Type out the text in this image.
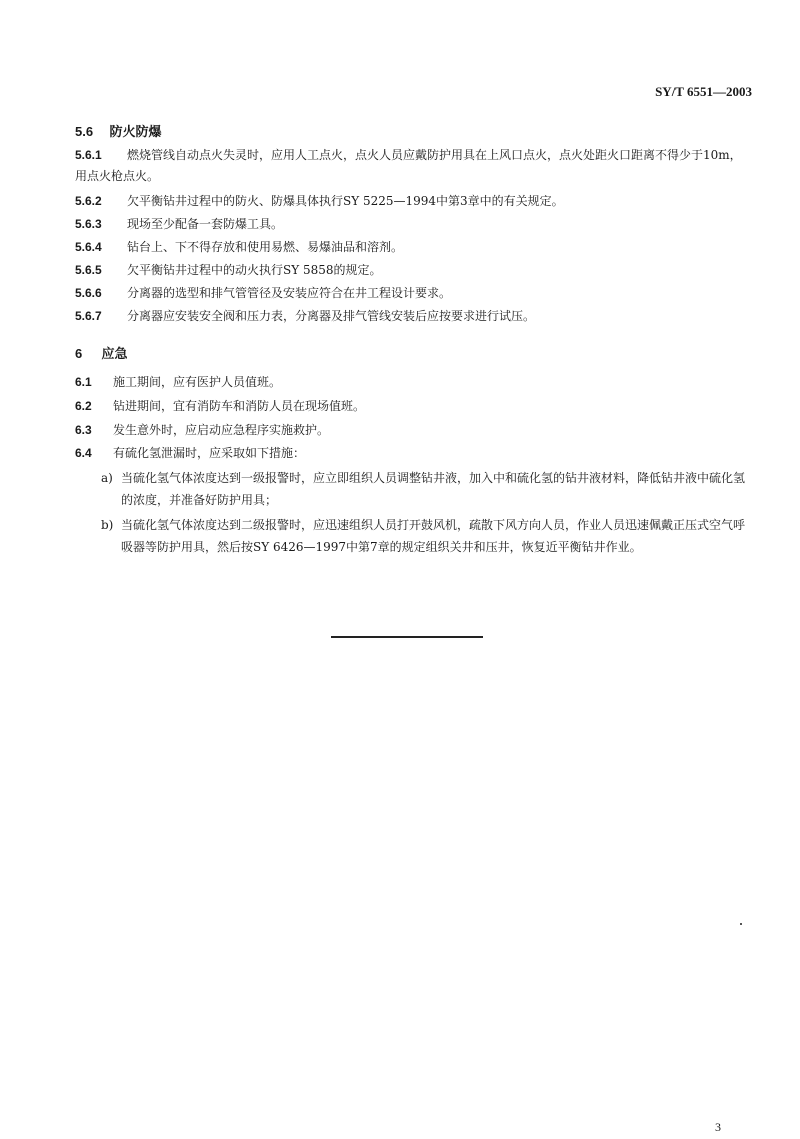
SY/T 6551—2003
5.6 防火防爆
5.6.1 燃烧管线自动点火失灵时，应用人工点火，点火人员应戴防护用具在上风口点火，点火处距火口距离不得少于10m，用点火枪点火。
5.6.2 欠平衡钻井过程中的防火、防爆具体执行SY 5225—1994中第3章中的有关规定。
5.6.3 现场至少配备一套防爆工具。
5.6.4 钻台上、下不得存放和使用易燃、易爆油品和溶剂。
5.6.5 欠平衡钻井过程中的动火执行SY 5858的规定。
5.6.6 分离器的选型和排气管管径及安装应符合在井工程设计要求。
5.6.7 分离器应安装安全阀和压力表，分离器及排气管线安装后应按要求进行试压。
6 应急
6.1 施工期间，应有医护人员值班。
6.2 钻进期间，宜有消防车和消防人员在现场值班。
6.3 发生意外时，应启动应急程序实施救护。
6.4 有硫化氢泄漏时，应采取如下措施：
a) 当硫化氢气体浓度达到一级报警时，应立即组织人员调整钻井液，加入中和硫化氢的钻井液材料，降低钻井液中硫化氢的浓度，并准备好防护用具；
b) 当硫化氢气体浓度达到二级报警时，应迅速组织人员打开鼓风机，疏散下风方向人员，作业人员迅速佩戴正压式空气呼吸器等防护用具，然后按SY 6426—1997中第7章的规定组织关井和压井，恢复近平衡钻井作业。
3
